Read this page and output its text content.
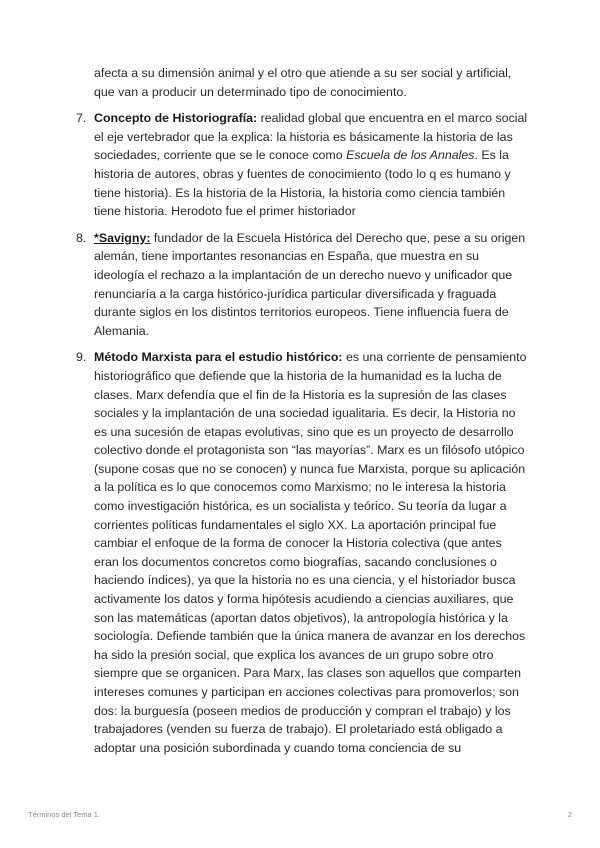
afecta a su dimensión animal y el otro que atiende a su ser social y artificial, que van a producir un determinado tipo de conocimiento.

7. Concepto de Historiografía: realidad global que encuentra en el marco social el eje vertebrador que la explica: la historia es básicamente la historia de las sociedades, corriente que se le conoce como Escuela de los Annales. Es la historia de autores, obras y fuentes de conocimiento (todo lo q es humano y tiene historia). Es la historia de la Historia, la historia como ciencia también tiene historia. Herodoto fue el primer historiador

8. *Savigny: fundador de la Escuela Histórica del Derecho que, pese a su origen alemán, tiene importantes resonancias en España, que muestra en su ideología el rechazo a la implantación de un derecho nuevo y unificador que renunciaría a la carga histórico-jurídica particular diversificada y fraguada durante siglos en los distintos territorios europeos. Tiene influencia fuera de Alemania.

9. Método Marxista para el estudio histórico: es una corriente de pensamiento historiográfico que defiende que la historia de la humanidad es la lucha de clases. Marx defendía que el fin de la Historia es la supresión de las clases sociales y la implantación de una sociedad igualitaria. Es decir, la Historia no es una sucesión de etapas evolutivas, sino que es un proyecto de desarrollo colectivo donde el protagonista son “las mayorías”. Marx es un filósofo utópico (supone cosas que no se conocen) y nunca fue Marxista, porque su aplicación a la política es lo que conocemos como Marxismo; no le interesa la historia como investigación histórica, es un socialista y teórico. Su teoría da lugar a corrientes políticas fundamentales el siglo XX. La aportación principal fue cambiar el enfoque de la forma de conocer la Historia colectiva (que antes eran los documentos concretos como biografías, sacando conclusiones o haciendo índices), ya que la historia no es una ciencia, y el historiador busca activamente los datos y forma hipótesis acudiendo a ciencias auxiliares, que son las matemáticas (aportan datos objetivos), la antropología histórica y la sociología. Defiende también que la única manera de avanzar en los derechos ha sido la presión social, que explica los avances de un grupo sobre otro siempre que se organicen. Para Marx, las clases son aquellos que comparten intereses comunes y participan en acciones colectivas para promoverlos; son dos: la burguesía (poseen medios de producción y compran el trabajo) y los trabajadores (venden su fuerza de trabajo). El proletariado está obligado a adoptar una posición subordinada y cuando toma conciencia de su

Términos del Tema 1.	2
